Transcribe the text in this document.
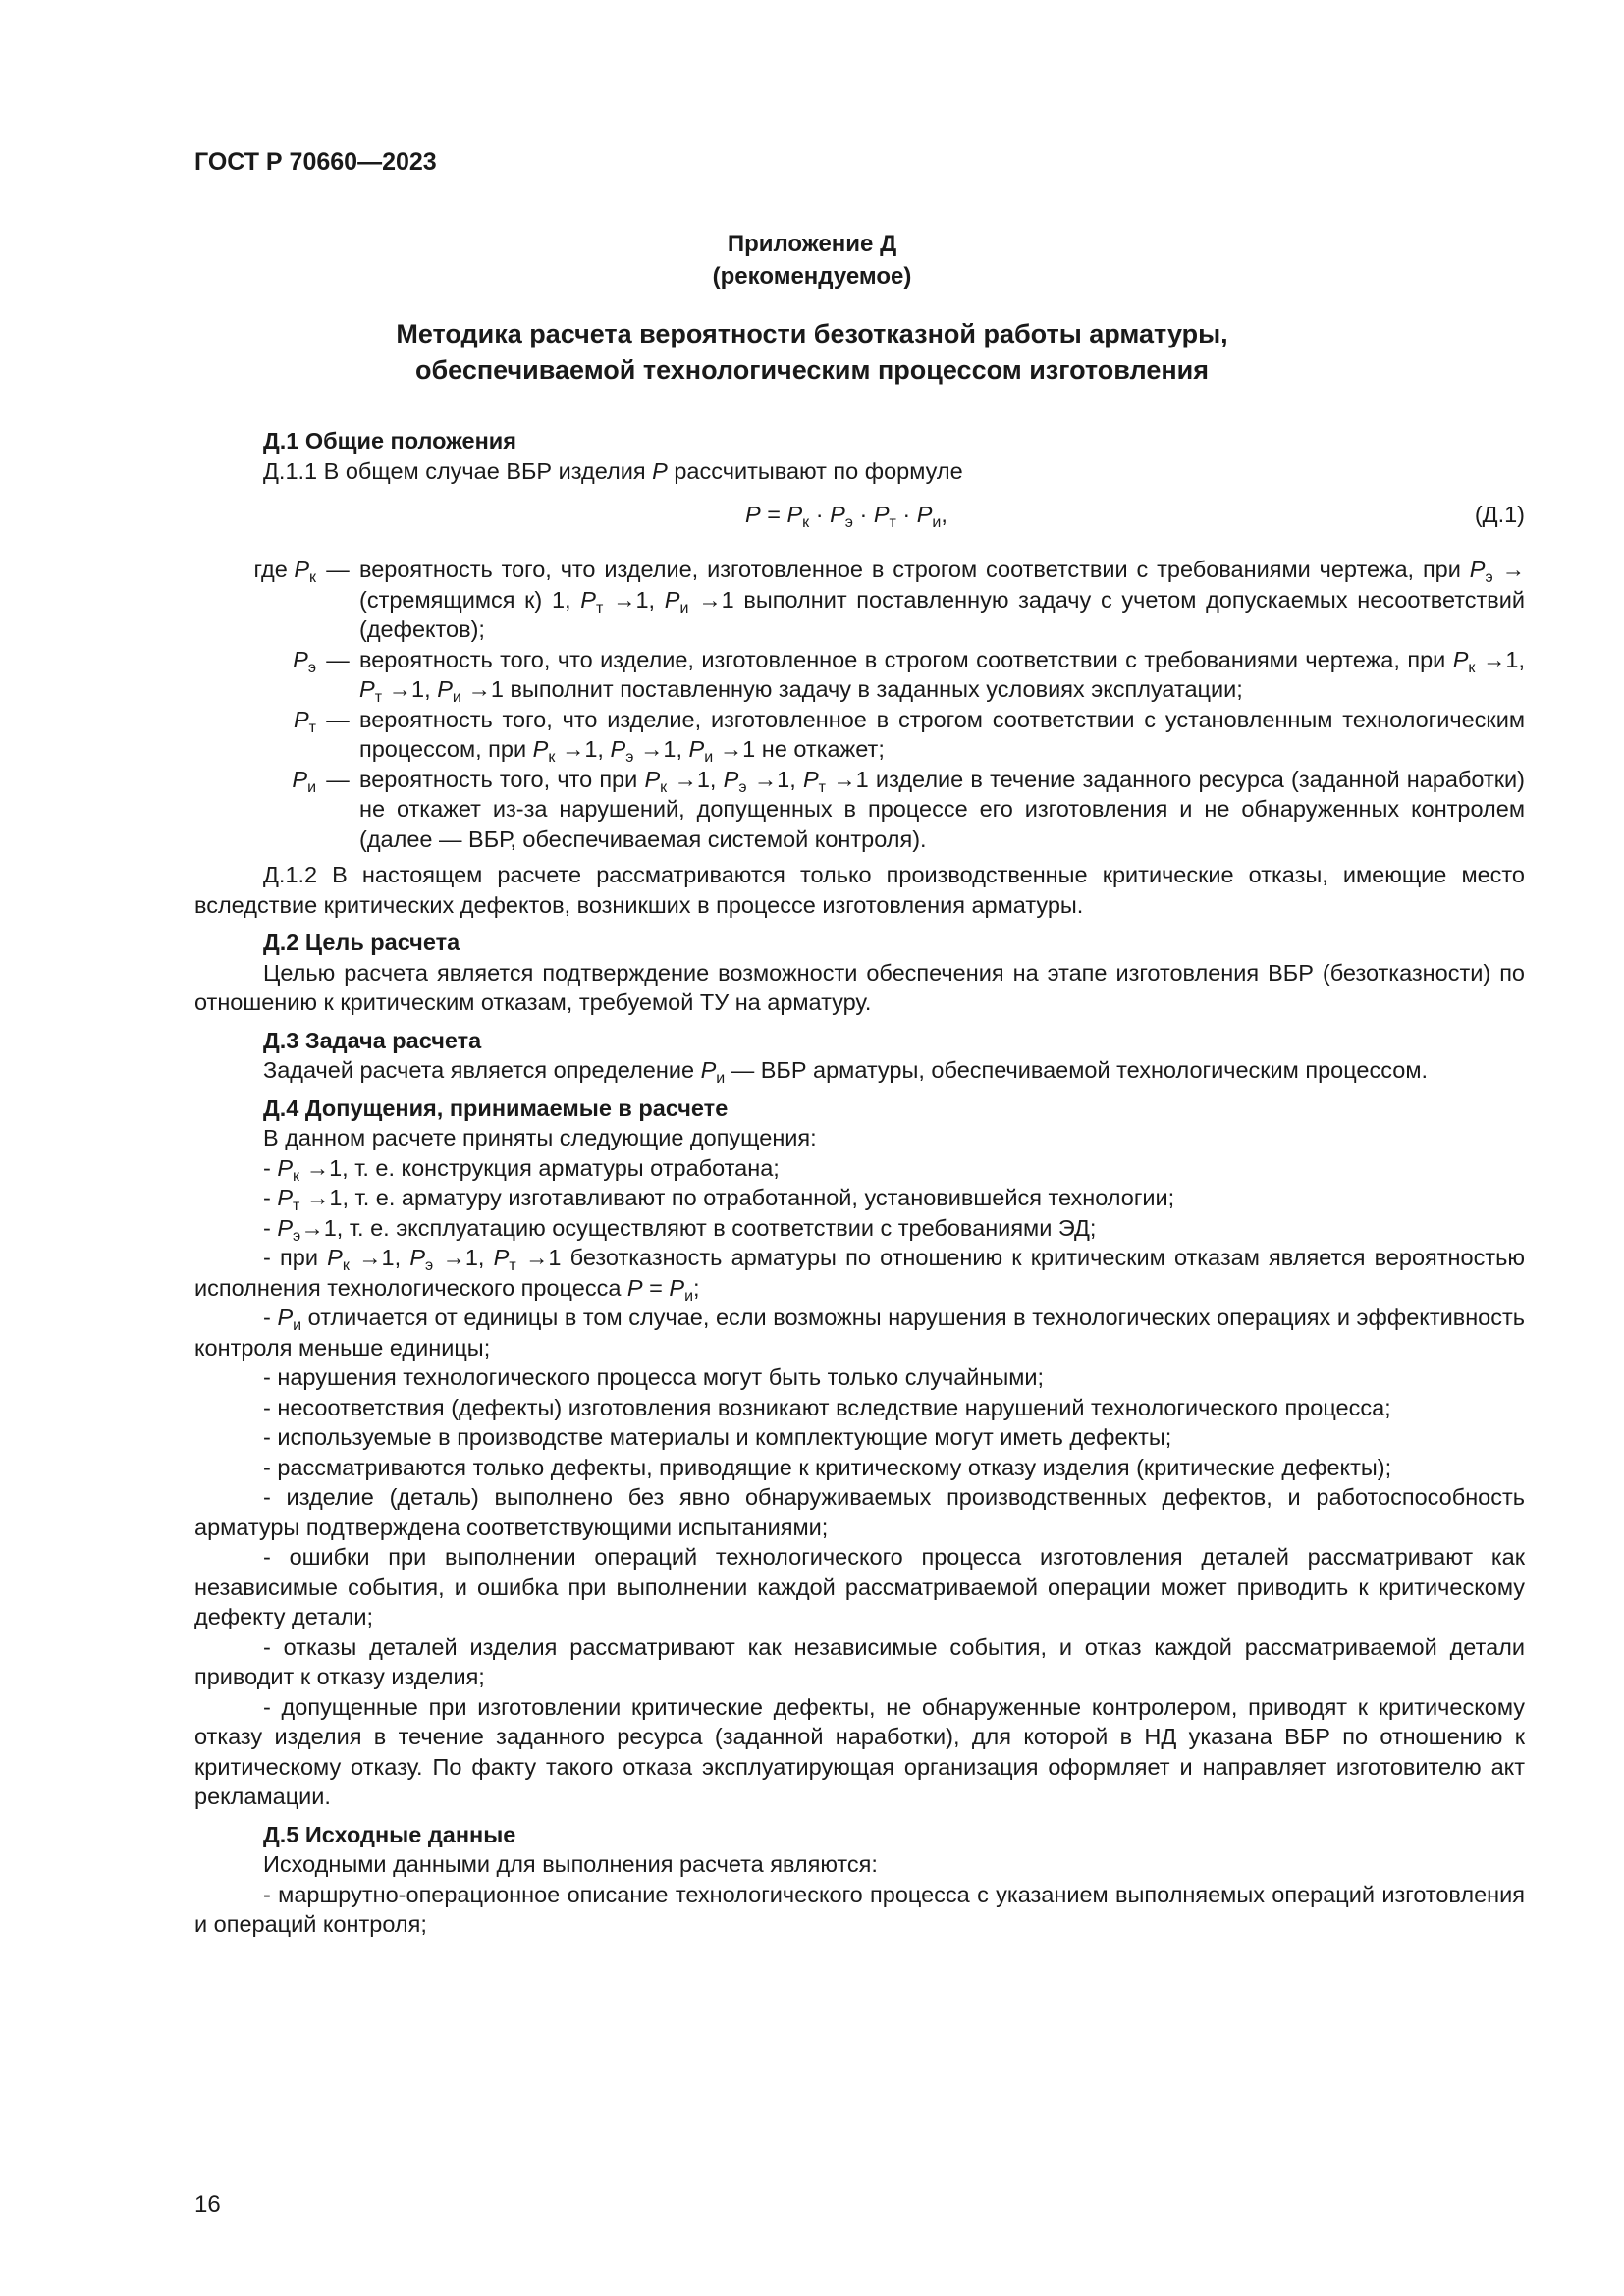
ГОСТ Р 70660—2023
Приложение Д
(рекомендуемое)
Методика расчета вероятности безотказной работы арматуры,
обеспечиваемой технологическим процессом изготовления
Д.1 Общие положения
Д.1.1 В общем случае ВБР изделия P рассчитывают по формуле
$P = P_к \cdot P_э \cdot P_т \cdot P_и$,	(Д.1)
где $P_к$ — вероятность того, что изделие, изготовленное в строгом соответствии с требованиями чертежа, при $P_э$ → (стремящимся к) 1, $P_т \to 1$, $P_и \to 1$ выполнит поставленную задачу с учетом допускаемых несоответствий (дефектов);
$P_э$ — вероятность того, что изделие, изготовленное в строгом соответствии с требованиями чертежа, при $P_к \to 1$, $P_т \to 1$, $P_и \to 1$ выполнит поставленную задачу в заданных условиях эксплуатации;
$P_т$ — вероятность того, что изделие, изготовленное в строгом соответствии с установленным технологическим процессом, при $P_к \to 1$, $P_э \to 1$, $P_и \to 1$ не откажет;
$P_и$ — вероятность того, что при $P_к \to 1$, $P_э \to 1$, $P_т \to 1$ изделие в течение заданного ресурса (заданной наработки) не откажет из-за нарушений, допущенных в процессе его изготовления и не обнаруженных контролем (далее — ВБР, обеспечиваемая системой контроля).
Д.1.2 В настоящем расчете рассматриваются только производственные критические отказы, имеющие место вследствие критических дефектов, возникших в процессе изготовления арматуры.
Д.2 Цель расчета
Целью расчета является подтверждение возможности обеспечения на этапе изготовления ВБР (безотказности) по отношению к критическим отказам, требуемой ТУ на арматуру.
Д.3 Задача расчета
Задачей расчета является определение $P_и$ — ВБР арматуры, обеспечиваемой технологическим процессом.
Д.4 Допущения, принимаемые в расчете
В данном расчете приняты следующие допущения:
- $P_к \to 1$, т. е. конструкция арматуры отработана;
- $P_т \to 1$, т. е. арматуру изготавливают по отработанной, установившейся технологии;
- $P_э\to 1$, т. е. эксплуатацию осуществляют в соответствии с требованиями ЭД;
- при $P_к \to 1$, $P_э \to 1$, $P_т \to 1$ безотказность арматуры по отношению к критическим отказам является вероятностью исполнения технологического процесса $P = P_и$;
- $P_и$ отличается от единицы в том случае, если возможны нарушения в технологических операциях и эффективность контроля меньше единицы;
- нарушения технологического процесса могут быть только случайными;
- несоответствия (дефекты) изготовления возникают вследствие нарушений технологического процесса;
- используемые в производстве материалы и комплектующие могут иметь дефекты;
- рассматриваются только дефекты, приводящие к критическому отказу изделия (критические дефекты);
- изделие (деталь) выполнено без явно обнаруживаемых производственных дефектов, и работоспособность арматуры подтверждена соответствующими испытаниями;
- ошибки при выполнении операций технологического процесса изготовления деталей рассматривают как независимые события, и ошибка при выполнении каждой рассматриваемой операции может приводить к критическому дефекту детали;
- отказы деталей изделия рассматривают как независимые события, и отказ каждой рассматриваемой детали приводит к отказу изделия;
- допущенные при изготовлении критические дефекты, не обнаруженные контролером, приводят к критическому отказу изделия в течение заданного ресурса (заданной наработки), для которой в НД указана ВБР по отношению к критическому отказу. По факту такого отказа эксплуатирующая организация оформляет и направляет изготовителю акт рекламации.
Д.5 Исходные данные
Исходными данными для выполнения расчета являются:
- маршрутно-операционное описание технологического процесса с указанием выполняемых операций изготовления и операций контроля;
16
